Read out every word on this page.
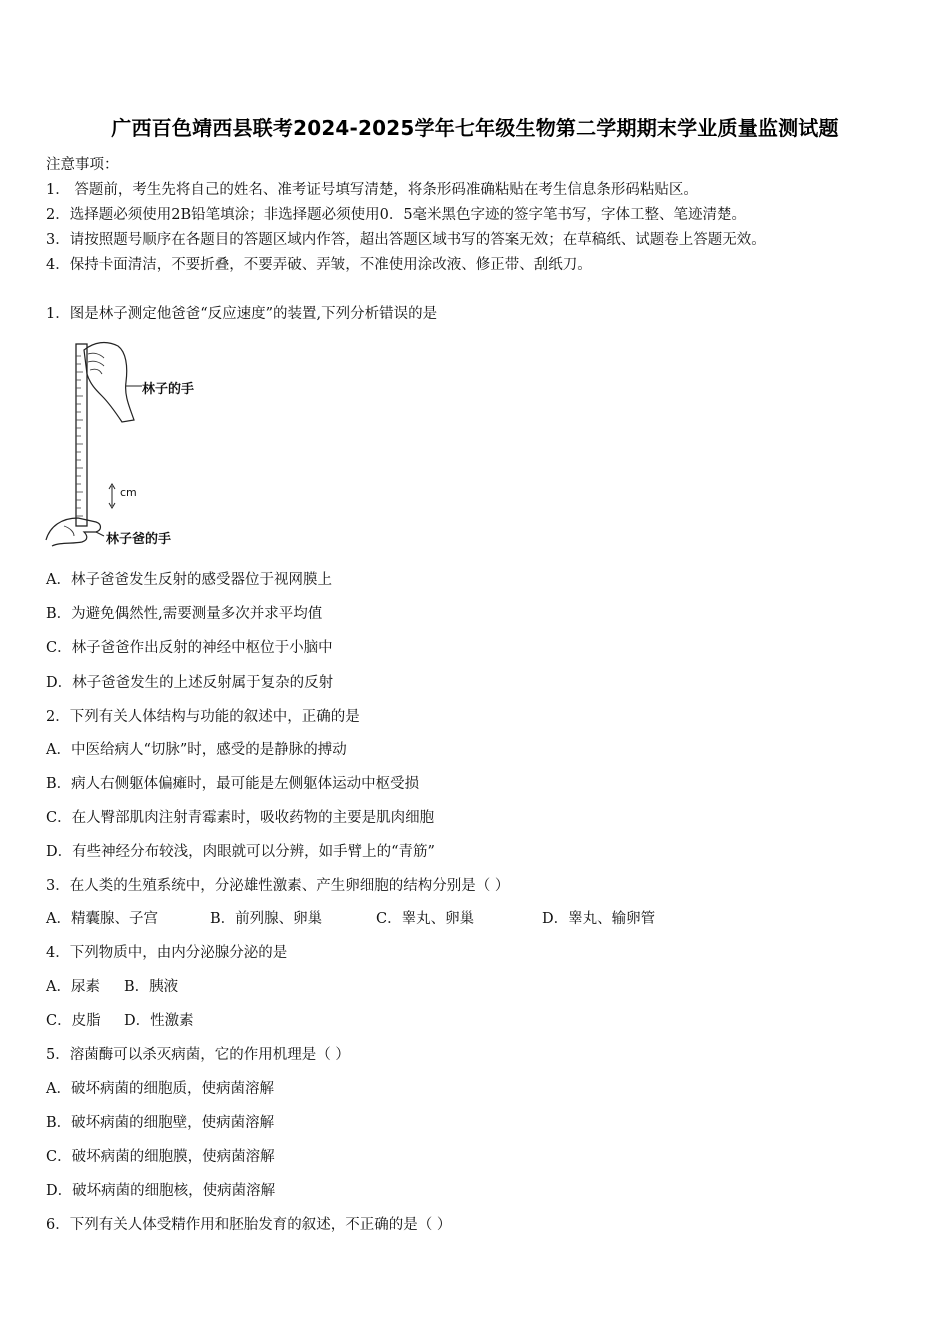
广西百色靖西县联考2024-2025学年七年级生物第二学期期末学业质量监测试题
注意事项：
1． 答题前，考生先将自己的姓名、准考证号填写清楚，将条形码准确粘贴在考生信息条形码粘贴区。
2．选择题必须使用2B铅笔填涂；非选择题必须使用0．5毫米黑色字迹的签字笔书写，字体工整、笔迹清楚。
3．请按照题号顺序在各题目的答题区域内作答，超出答题区域书写的答案无效；在草稿纸、试题卷上答题无效。
4．保持卡面清洁，不要折叠，不要弄破、弄皱，不准使用涂改液、修正带、刮纸刀。
1．图是林子测定他爸爸“反应速度”的装置,下列分析错误的是
林子的手
cm
林子爸的手
A．林子爸爸发生反射的感受器位于视网膜上
B．为避免偶然性,需要测量多次并求平均值
C．林子爸爸作出反射的神经中枢位于小脑中
D．林子爸爸发生的上述反射属于复杂的反射
2．下列有关人体结构与功能的叙述中，正确的是
A．中医给病人“切脉”时，感受的是静脉的搏动
B．病人右侧躯体偏瘫时，最可能是左侧躯体运动中枢受损
C．在人臀部肌肉注射青霉素时，吸收药物的主要是肌肉细胞
D．有些神经分布较浅，肉眼就可以分辨，如手臂上的“青筋”
3．在人类的生殖系统中，分泌雄性激素、产生卵细胞的结构分别是（ ）
A．精囊腺、子宫	B．前列腺、卵巢	C．睾丸、卵巢	D．睾丸、输卵管
4．下列物质中，由内分泌腺分泌的是
A．尿素 B．胰液
C．皮脂 D．性激素
5．溶菌酶可以杀灭病菌，它的作用机理是（ ）
A．破坏病菌的细胞质，使病菌溶解
B．破坏病菌的细胞壁，使病菌溶解
C．破坏病菌的细胞膜，使病菌溶解
D．破坏病菌的细胞核，使病菌溶解
6．下列有关人体受精作用和胚胎发育的叙述，不正确的是（ ）
